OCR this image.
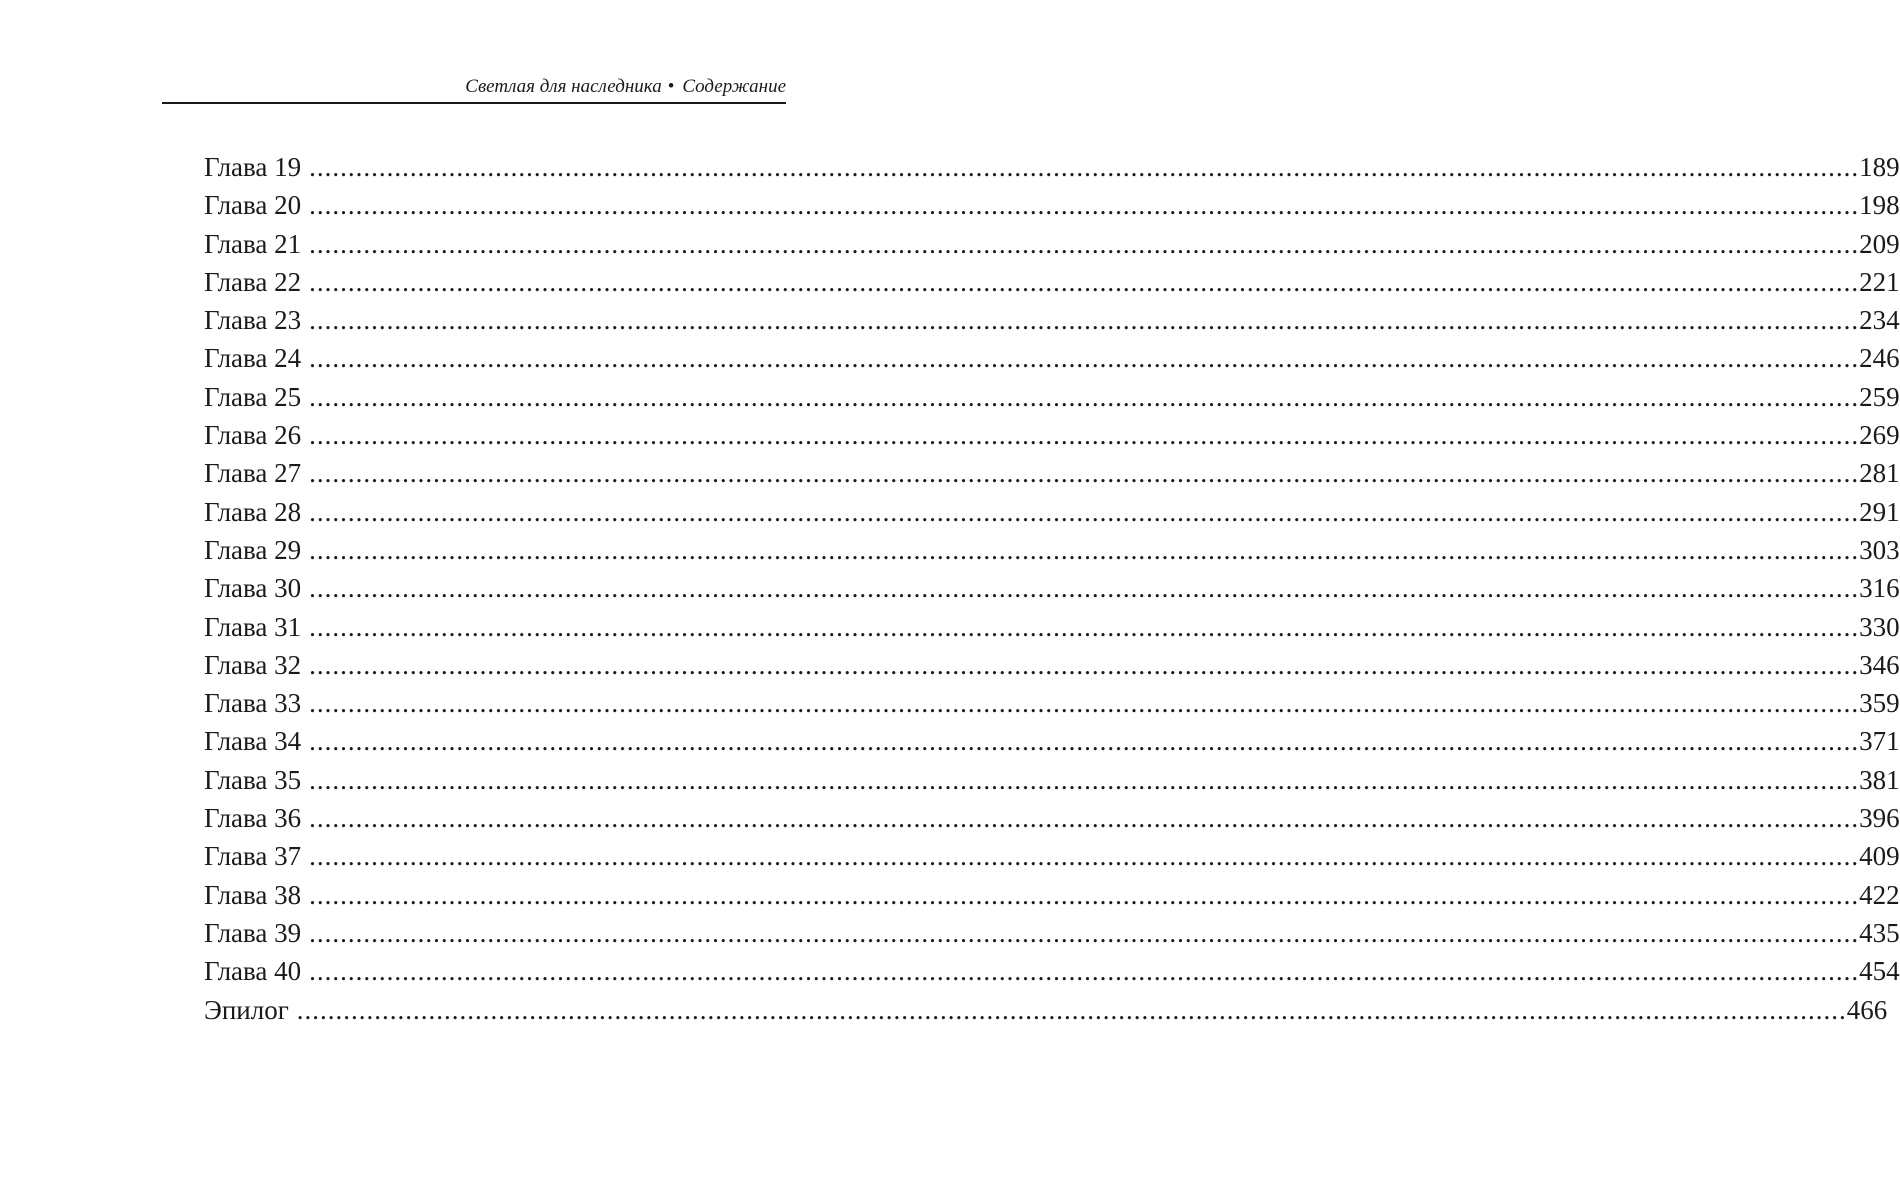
Светлая для наследника • Содержание
Глава 19 ........................................................................................................................................................................................................ 189
Глава 20 ........................................................................................................................................................................................................ 198
Глава 21 ........................................................................................................................................................................................................ 209
Глава 22 ........................................................................................................................................................................................................ 221
Глава 23 ........................................................................................................................................................................................................ 234
Глава 24 ........................................................................................................................................................................................................ 246
Глава 25 ........................................................................................................................................................................................................ 259
Глава 26 ........................................................................................................................................................................................................ 269
Глава 27 ........................................................................................................................................................................................................ 281
Глава 28 ........................................................................................................................................................................................................ 291
Глава 29 ........................................................................................................................................................................................................ 303
Глава 30 ........................................................................................................................................................................................................ 316
Глава 31 ........................................................................................................................................................................................................ 330
Глава 32 ........................................................................................................................................................................................................ 346
Глава 33 ........................................................................................................................................................................................................ 359
Глава 34 ........................................................................................................................................................................................................ 371
Глава 35 ........................................................................................................................................................................................................ 381
Глава 36 ........................................................................................................................................................................................................ 396
Глава 37 ........................................................................................................................................................................................................ 409
Глава 38 ........................................................................................................................................................................................................ 422
Глава 39 ........................................................................................................................................................................................................ 435
Глава 40 ........................................................................................................................................................................................................ 454
Эпилог ........................................................................................................................................................................................................ 466
